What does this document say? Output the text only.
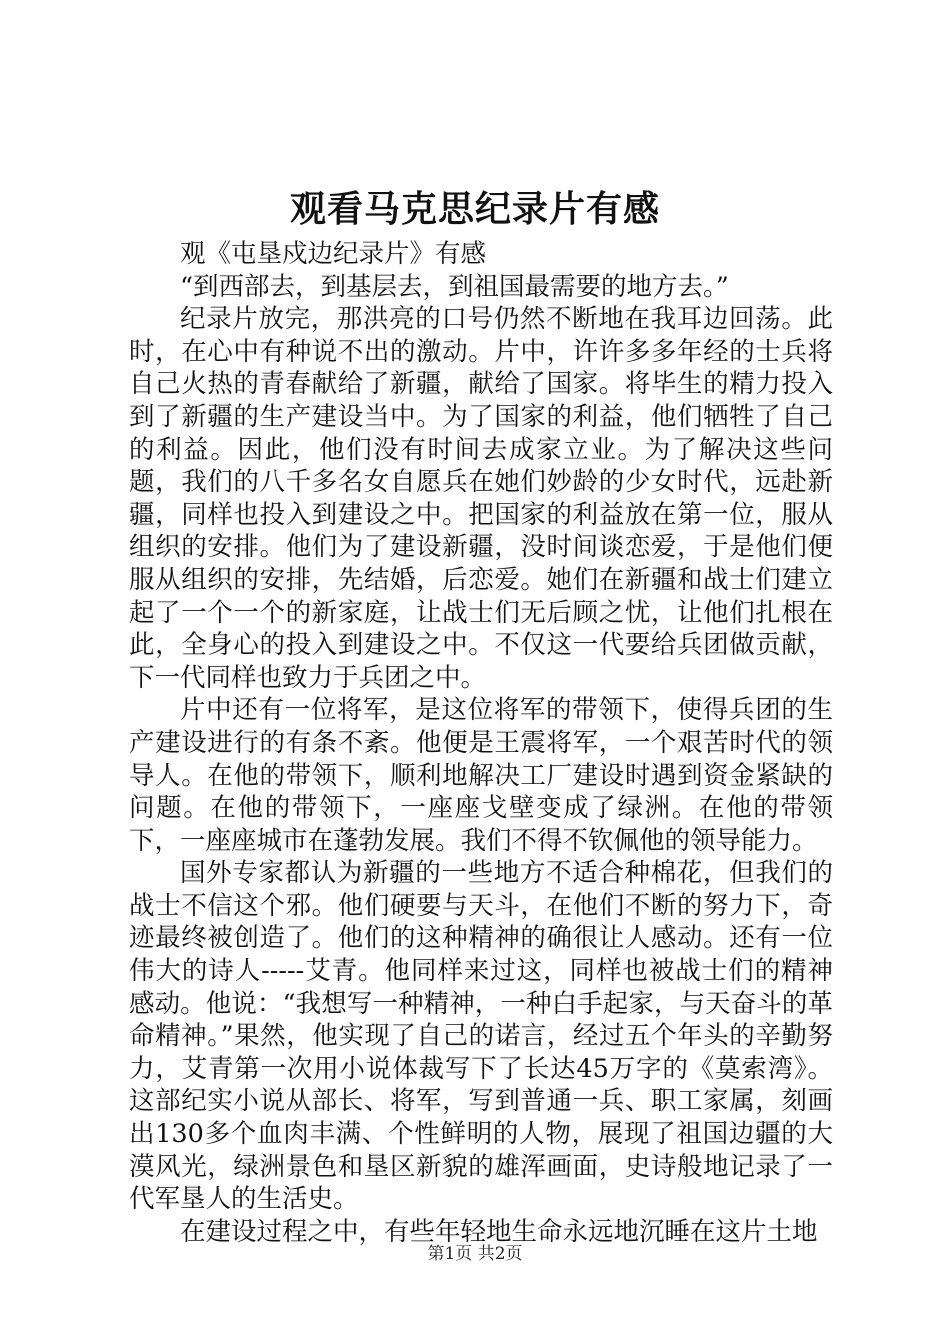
观看马克思纪录片有感

观《屯垦戍边纪录片》有感

“到西部去，到基层去，到祖国最需要的地方去。”

纪录片放完，那洪亮的口号仍然不断地在我耳边回荡。此时，在心中有种说不出的激动。片中，许许多多年经的士兵将自己火热的青春献给了新疆，献给了国家。将毕生的精力投入到了新疆的生产建设当中。为了国家的利益，他们牺牲了自己的利益。因此，他们没有时间去成家立业。为了解决这些问题，我们的八千多名女自愿兵在她们妙龄的少女时代，远赴新疆，同样也投入到建设之中。把国家的利益放在第一位，服从组织的安排。他们为了建设新疆，没时间谈恋爱，于是他们便服从组织的安排，先结婚，后恋爱。她们在新疆和战士们建立起了一个一个的新家庭，让战士们无后顾之忧，让他们扎根在此，全身心的投入到建设之中。不仅这一代要给兵团做贡献，下一代同样也致力于兵团之中。

片中还有一位将军，是这位将军的带领下，使得兵团的生产建设进行的有条不紊。他便是王震将军，一个艰苦时代的领导人。在他的带领下，顺利地解决工厂建设时遇到资金紧缺的问题。在他的带领下，一座座戈壁变成了绿洲。在他的带领下，一座座城市在蓬勃发展。我们不得不钦佩他的领导能力。

国外专家都认为新疆的一些地方不适合种棉花，但我们的战士不信这个邪。他们硬要与天斗，在他们不断的努力下，奇迹最终被创造了。他们的这种精神的确很让人感动。还有一位伟大的诗人-----艾青。他同样来过这，同样也被战士们的精神感动。他说：“我想写一种精神，一种白手起家，与天奋斗的革命精神。”果然，他实现了自己的诺言，经过五个年头的辛勤努力，艾青第一次用小说体裁写下了长达45万字的《莫索湾》。这部纪实小说从部长、将军，写到普通一兵、职工家属，刻画出130多个血肉丰满、个性鲜明的人物，展现了祖国边疆的大漠风光，绿洲景色和垦区新貌的雄浑画面，史诗般地记录了一代军垦人的生活史。

在建设过程之中，有些年轻地生命永远地沉睡在这片土地

第1页 共2页
